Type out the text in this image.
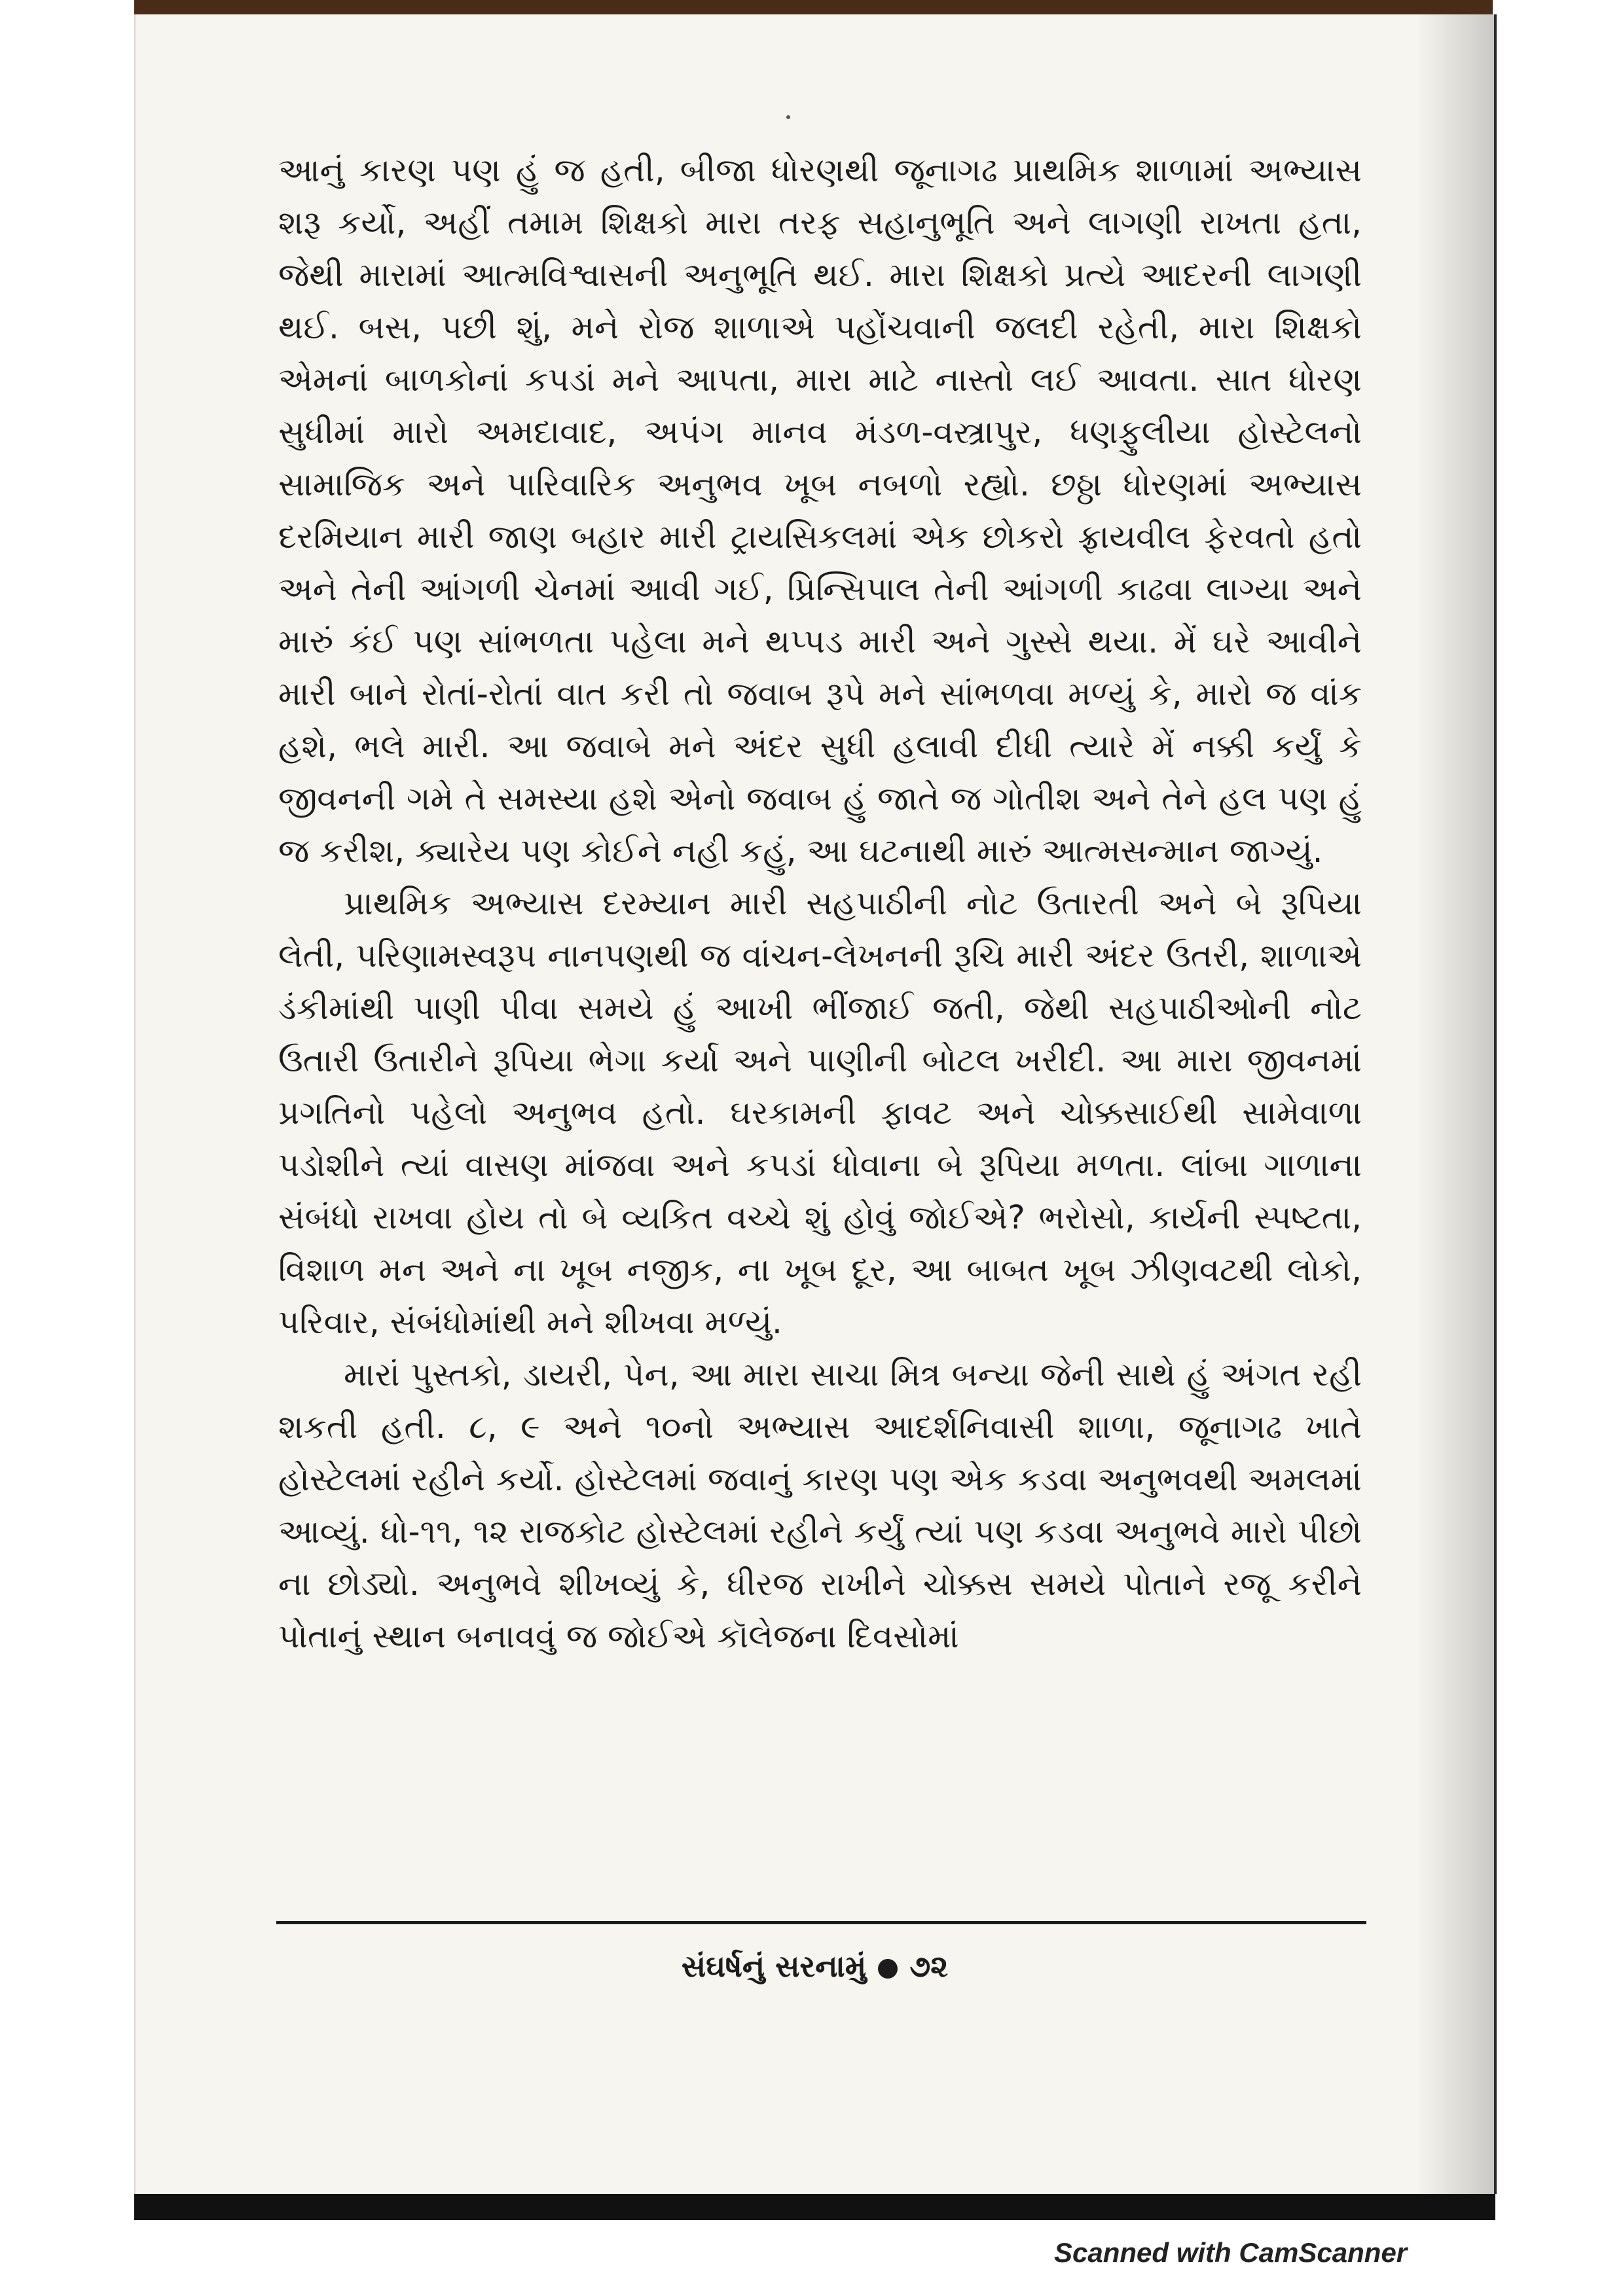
આનું કારણ પણ હું જ હતી, બીજા ધોરણથી જૂનાગઢ પ્રાથમિક શાળામાં અભ્યાસ શરૂ કર્યો, અહીં તમામ શિક્ષકો મારા તરફ સહાનુભૂતિ અને લાગણી રાખતા હતા, જેથી મારામાં આત્મવિશ્વાસની અનુભૂતિ થઈ. મારા શિક્ષકો પ્રત્યે આદરની લાગણી થઈ. બસ, પછી શું, મને રોજ શાળાએ પહોંચવાની જલદી રહેતી, મારા શિક્ષકો એમનાં બાળકોનાં કપડાં મને આપતા, મારા માટે નાસ્તો લઈ આવતા. સાત ધોરણ સુધીમાં મારો અમદાવાદ, અપંગ માનવ મંડળ-વસ્ત્રાપુર, ધણફુલીયા હોસ્ટેલનો સામાજિક અને પારિવારિક અનુભવ ખૂબ નબળો રહ્યો. છઠ્ઠા ધોરણમાં અભ્યાસ દરમિયાન મારી જાણ બહાર મારી ટ્રાયસિકલમાં એક છોકરો ફ્રાયવીલ ફેરવતો હતો અને તેની આંગળી ચેનમાં આવી ગઈ, પ્રિન્સિપાલ તેની આંગળી કાઢવા લાગ્યા અને મારું કંઈ પણ સાંભળતા પહેલા મને થપ્પડ મારી અને ગુસ્સે થયા. મેં ઘરે આવીને મારી બાને રોતાં-રોતાં વાત કરી તો જવાબ રૂપે મને સાંભળવા મળ્યું કે, મારો જ વાંક હશે, ભલે મારી. આ જવાબે મને અંદર સુધી હલાવી દીધી ત્યારે મેં નક્કી કર્યું કે જીવનની ગમે તે સમસ્યા હશે એનો જવાબ હું જાતે જ ગોતીશ અને તેને હલ પણ હું જ કરીશ, ક્યારેય પણ કોઈને નહી કહું, આ ઘટનાથી મારું આત્મસન્માન જાગ્યું.

પ્રાથમિક અભ્યાસ દરમ્યાન મારી સહપાઠીની નોટ ઉતારતી અને બે રૂપિયા લેતી, પરિણામસ્વરૂપ નાનપણથી જ વાંચન-લેખનની રૂચિ મારી અંદર ઉતરી, શાળાએ ડંકીમાંથી પાણી પીવા સમયે હું આખી ભીંજાઈ જતી, જેથી સહપાઠીઓની નોટ ઉતારી ઉતારીને રૂપિયા ભેગા કર્યા અને પાણીની બોટલ ખરીદી. આ મારા જીવનમાં પ્રગતિનો પહેલો અનુભવ હતો. ઘરકામની ફાવટ અને ચોક્કસાઈથી સામેવાળા પડોશીને ત્યાં વાસણ માંજવા અને કપડાં ધોવાના બે રૂપિયા મળતા. લાંબા ગાળાના સંબંધો રાખવા હોય તો બે વ્યકિત વચ્ચે શું હોવું જોઈએ? ભરોસો, કાર્યની સ્પષ્ટતા, વિશાળ મન અને ના ખૂબ નજીક, ના ખૂબ દૂર, આ બાબત ખૂબ ઝીણવટથી લોકો, પરિવાર, સંબંધોમાંથી મને શીખવા મળ્યું.

મારાં પુસ્તકો, ડાયરી, પેન, આ મારા સાચા મિત્ર બન્યા જેની સાથે હું અંગત રહી શકતી હતી. ૮, ૯ અને ૧૦નો અભ્યાસ આદર્શનિવાસી શાળા, જૂનાગઢ ખાતે હોસ્ટેલમાં રહીને કર્યો. હોસ્ટેલમાં જવાનું કારણ પણ એક કડવા અનુભવથી અમલમાં આવ્યું. ધો-૧૧, ૧૨ રાજકોટ હોસ્ટેલમાં રહીને કર્યું ત્યાં પણ કડવા અનુભવે મારો પીછો ના છોડ્યો. અનુભવે શીખવ્યું કે, ધીરજ રાખીને ચોક્કસ સમયે પોતાને રજૂ કરીને પોતાનું સ્થાન બનાવવું જ જોઈએ કૉલેજના દિવસોમાં

સંઘર્ષનું સરનામું ૭૨
Scanned with CamScanner
